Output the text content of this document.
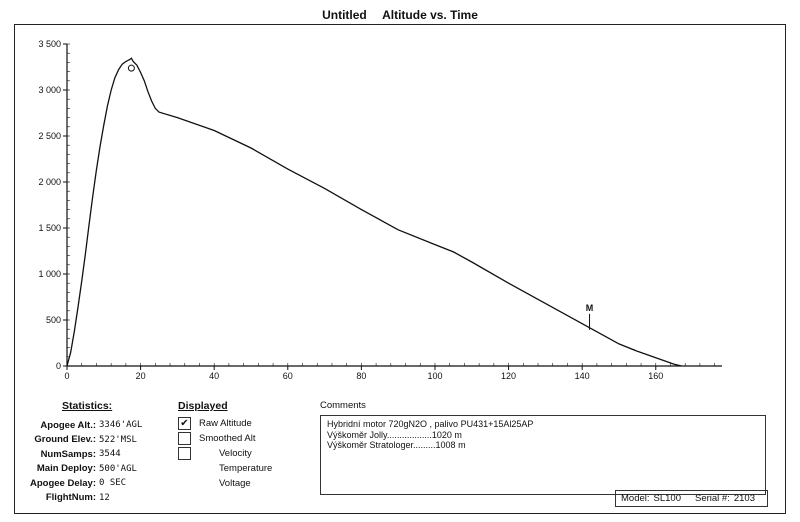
Untitled Altitude vs. Time
0
500
1 000
1 500
2 000
2 500
3 000
3 500
0	20	40	60	80	100	120	140	160
M
Statistics:
Apogee Alt.: 3346'AGL
Ground Elev.: 522'MSL
NumSamps: 3544
Main Deploy: 500'AGL
Apogee Delay: 0 SEC
FlightNum: 12
Displayed
✔ Raw Altitude
Smoothed Alt
Velocity
Temperature
Voltage
Comments
Hybridní motor 720gN2O , palivo PU431+15Al25AP
Výškoměr Jolly..................1020 m
Výškoměr Stratologer.........1008 m
Model: SL100 Serial #: 2103
